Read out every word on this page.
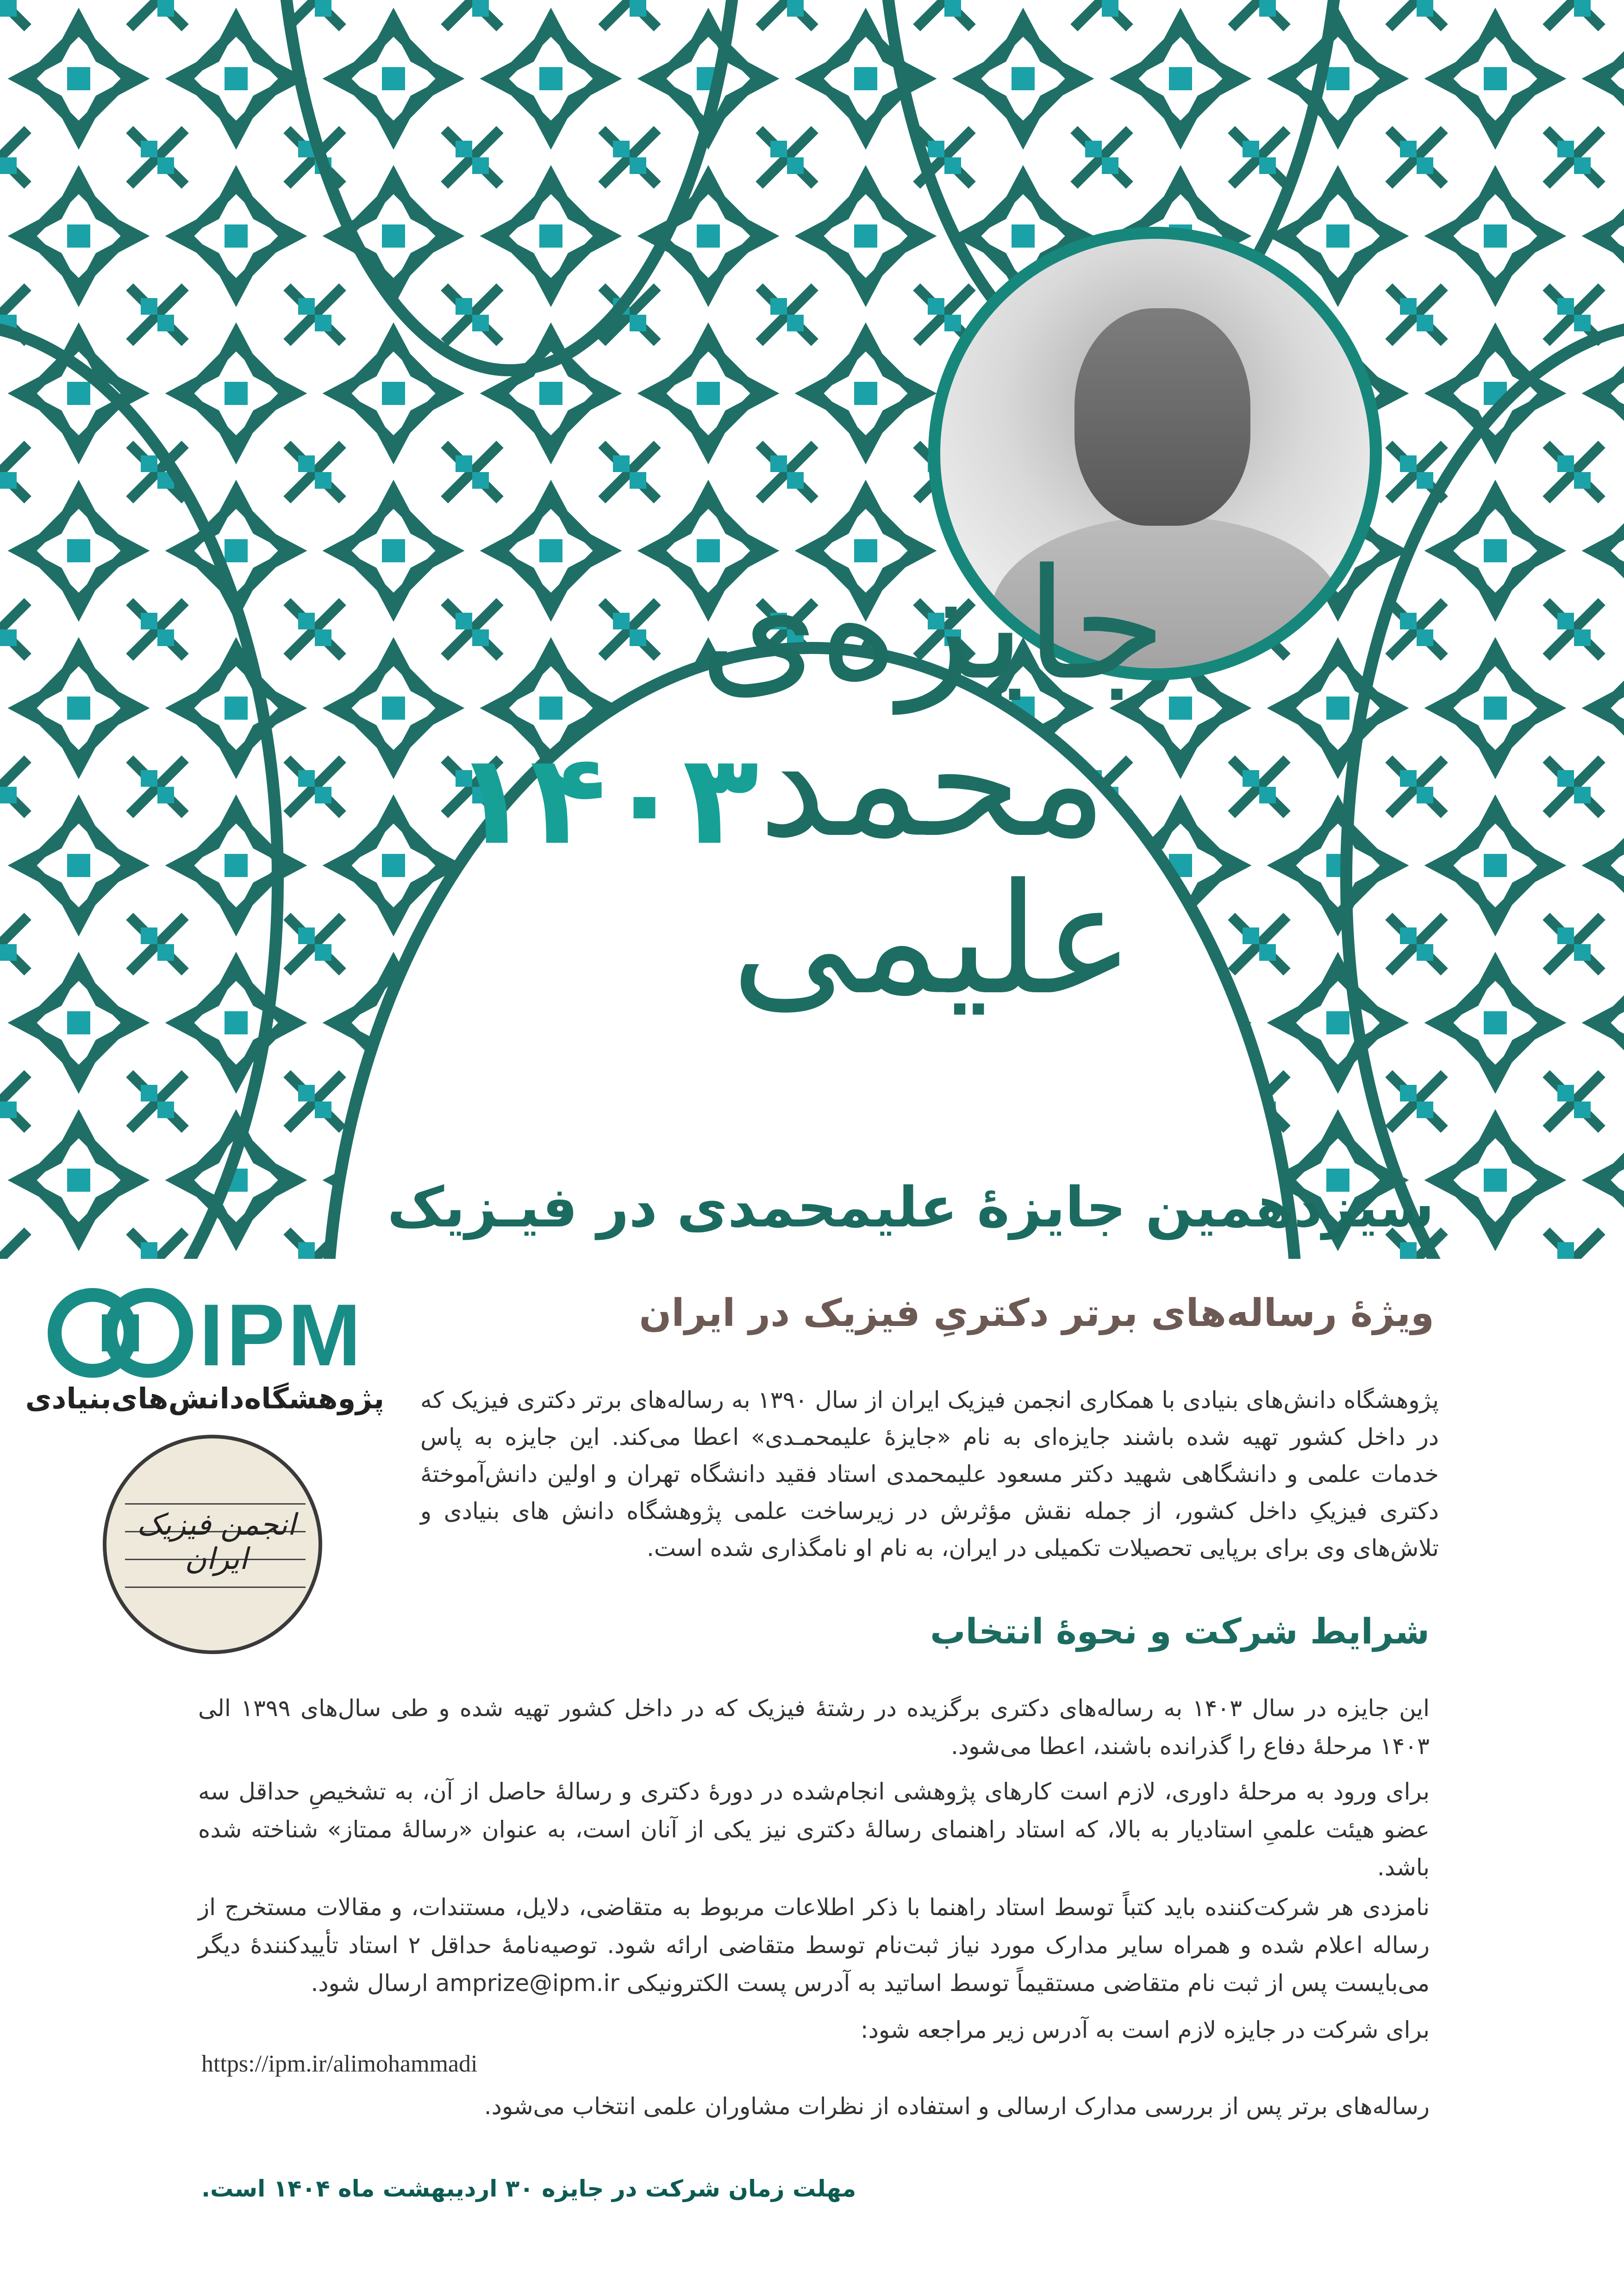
جایزه‌ی محمد علیمی
۱۴۰۳
سیزدهمین جایزهٔ علیمحمدی در فیـزیک
ویژهٔ رساله‌های برتر دکتریِ فیزیک در ایران
IPM
پژوهشگاه‌دانش‌های‌بنیادی
انجمن فیزیک ایران
پژوهشگاه دانش‌های بنیادی با همکاری انجمن فیزیک ایران از سال ۱۳۹۰ به رساله‌های برتر دکتری فیزیک که در داخل کشور تهیه شده باشند جایزه‌ای به نام «جایزهٔ علیمحمـدی» اعطا می‌کند. این جایزه به پاس خدمات علمی و دانشگاهی شهید دکتر مسعود علیمحمدی استاد فقید دانشگاه تهران و اولین دانش‌آموختهٔ دکتری فیزیکِ داخل کشور، از جمله نقش مؤثرش در زیرساخت علمی پژوهشگاه دانش های بنیادی و تلاش‌های وی برای برپایی تحصیلات تکمیلی در ایران، به نام او نامگذاری شده است.
شرایط شرکت و نحوهٔ انتخاب
این جایزه در سال ۱۴۰۳ به رساله‌های دکتری برگزیده در رشتهٔ فیزیک که در داخل کشور تهیه شده و طی سال‌های ۱۳۹۹ الی ۱۴۰۳ مرحلهٔ دفاع را گذرانده باشند، اعطا می‌شود.
برای ورود به مرحلهٔ داوری، لازم است کارهای پژوهشی انجام‌شده در دورهٔ دکتری و رسالهٔ حاصل از آن، به تشخیصِ حداقل سه عضو هیئت علمیِ استادیار به بالا، که استاد راهنمای رسالهٔ دکتری نیز یکی از آنان است، به عنوان «رسالهٔ ممتاز» شناخته شده باشد.
نامزدی هر شرکت‌کننده باید کتباً توسط استاد راهنما با ذکر اطلاعات مربوط به متقاضی، دلایل، مستندات، و مقالات مستخرج از رساله اعلام شده و همراه سایر مدارک مورد نیاز ثبت‌نام توسط متقاضی ارائه شود. توصیه‌نامهٔ حداقل ۲ استاد تأییدکنندهٔ دیگر می‌بایست پس از ثبت نام متقاضی مستقیماً توسط اساتید به آدرس پست الکترونیکی amprize@ipm.ir ارسال شود.
برای شرکت در جایزه لازم است به آدرس زیر مراجعه شود:
https://ipm.ir/alimohammadi
رساله‌های برتر پس از بررسی مدارک ارسالی و استفاده از نظرات مشاوران علمی انتخاب می‌شود.
مهلت زمان شرکت در جایزه ۳۰ اردیبهشت ماه ۱۴۰۴ است.
